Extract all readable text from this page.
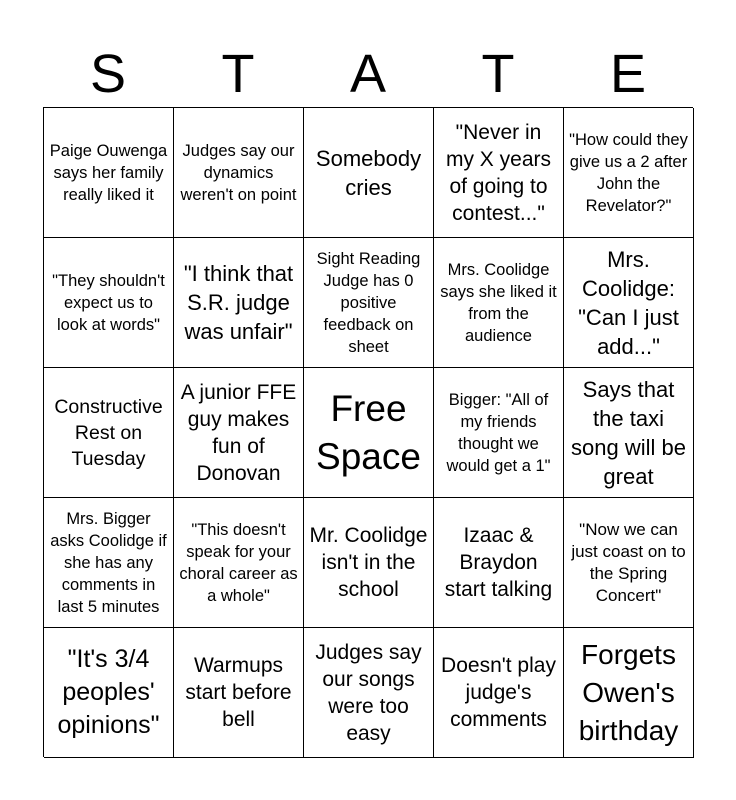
S	T	A	T	E
Paige Ouwenga says her family really liked it
Judges say our dynamics weren't on point
Somebody cries
"Never in my X years of going to contest..."
"How could they give us a 2 after John the Revelator?"
"They shouldn't expect us to look at words"
"I think that S.R. judge was unfair"
Sight Reading Judge has 0 positive feedback on sheet
Mrs. Coolidge says she liked it from the audience
Mrs. Coolidge: "Can I just add..."
Constructive Rest on Tuesday
A junior FFE guy makes fun of Donovan
Free Space
Bigger: "All of my friends thought we would get a 1"
Says that the taxi song will be great
Mrs. Bigger asks Coolidge if she has any comments in last 5 minutes
"This doesn't speak for your choral career as a whole"
Mr. Coolidge isn't in the school
Izaac & Braydon start talking
"Now we can just coast on to the Spring Concert"
"It's 3/4 peoples' opinions"
Warmups start before bell
Judges say our songs were too easy
Doesn't play judge's comments
Forgets Owen's birthday
